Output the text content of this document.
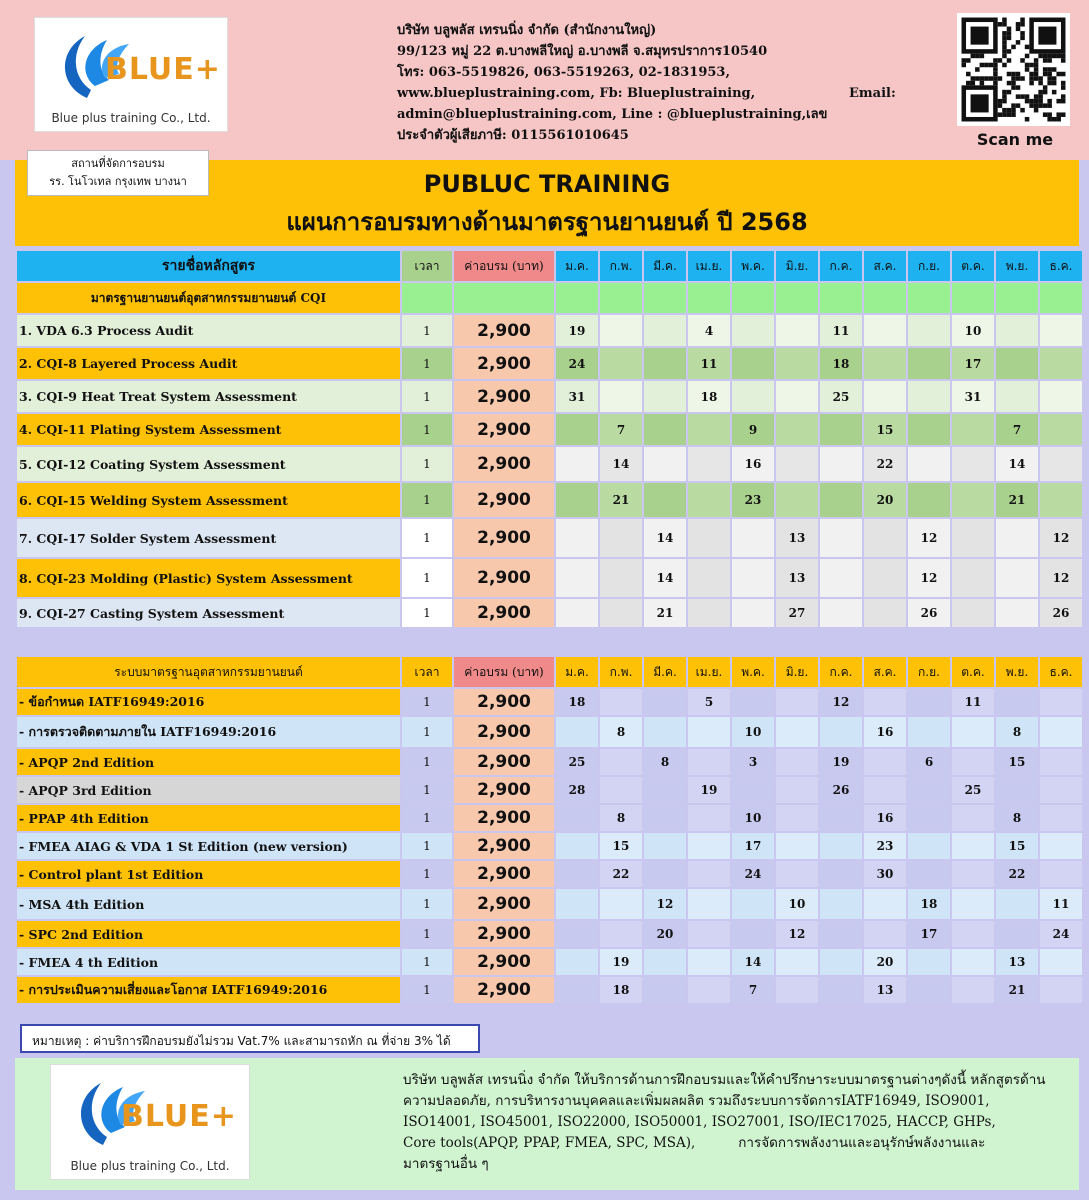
BLUE+
Blue plus training Co., Ltd.
บริษัท บลูพลัส เทรนนิ่ง จำกัด (สำนักงานใหญ่)
99/123 หมู่ 22 ต.บางพลีใหญ่ อ.บางพลี จ.สมุทรปราการ10540
โทร: 063-5519826, 063-5519263, 02-1831953,
www.blueplustraining.com, Fb: Blueplustraining,
admin@blueplustraining.com, Line : @blueplustraining,เลข
ประจำตัวผู้เสียภาษี: 0115561010645
Email:
Scan me
PUBLUC TRAINING
แผนการอบรมทางด้านมาตรฐานยานยนต์ ปี 2568
สถานที่จัดการอบรม
รร. โนโวเทล กรุงเทพ บางนา
รายชื่อหลักสูตร	เวลา	ค่าอบรม (บาท)	ม.ค.	ก.พ.	มี.ค.	เม.ย.	พ.ค.	มิ.ย.	ก.ค.	ส.ค.	ก.ย.	ต.ค.	พ.ย.	ธ.ค.
มาตรฐานยานยนต์อุตสาหกรรมยานยนต์ CQI														
1. VDA 6.3 Process Audit	1	2,900	19			4			11			10		
2. CQI-8 Layered Process Audit	1	2,900	24			11			18			17		
3. CQI-9 Heat Treat System Assessment	1	2,900	31			18			25			31		
4. CQI-11 Plating System Assessment	1	2,900		7			9			15			7	
5. CQI-12 Coating System Assessment	1	2,900		14			16			22			14	
6. CQI-15 Welding System Assessment	1	2,900		21			23			20			21	
7. CQI-17 Solder System Assessment	1	2,900			14			13			12			12
8. CQI-23 Molding (Plastic) System Assessment	1	2,900			14			13			12			12
9. CQI-27 Casting System Assessment	1	2,900			21			27			26			26
ระบบมาตรฐานอุตสาหกรรมยานยนต์	เวลา	ค่าอบรม (บาท)	ม.ค.	ก.พ.	มี.ค.	เม.ย.	พ.ค.	มิ.ย.	ก.ค.	ส.ค.	ก.ย.	ต.ค.	พ.ย.	ธ.ค.
- ข้อกำหนด IATF16949:2016	1	2,900	18			5			12			11		
- การตรวจติดตามภายใน IATF16949:2016	1	2,900		8			10			16			8	
- APQP 2nd Edition	1	2,900	25		8		3		19		6		15	
- APQP 3rd Edition	1	2,900	28			19			26			25		
- PPAP 4th Edition	1	2,900		8			10			16			8	
- FMEA AIAG & VDA 1 St Edition (new version)	1	2,900		15			17			23			15	
- Control plant 1st Edition	1	2,900		22			24			30			22	
- MSA 4th Edition	1	2,900			12			10			18			11
- SPC 2nd Edition	1	2,900			20			12			17			24
- FMEA 4 th Edition	1	2,900		19			14			20			13	
- การประเมินความเสี่ยงและโอกาส IATF16949:2016	1	2,900		18			7			13			21	
หมายเหตุ : ค่าบริการฝึกอบรมยังไม่รวม Vat.7% และสามารถหัก ณ ที่จ่าย 3% ได้
BLUE+
Blue plus training Co., Ltd.
บริษัท บลูพลัส เทรนนิ่ง จำกัด ให้บริการด้านการฝึกอบรมและให้คำปรึกษาระบบมาตรฐานต่างๆดังนี้ หลักสูตรด้าน
ความปลอดภัย, การบริหารงานบุคคลและเพิ่มผลผลิต รวมถึงระบบการจัดการIATF16949, ISO9001,
ISO14001, ISO45001, ISO22000, ISO50001, ISO27001, ISO/IEC17025, HACCP, GHPs,
Core tools(APQP, PPAP, FMEA, SPC, MSA),          การจัดการพลังงานและอนุรักษ์พลังงานและ
มาตรฐานอื่น ๆ
